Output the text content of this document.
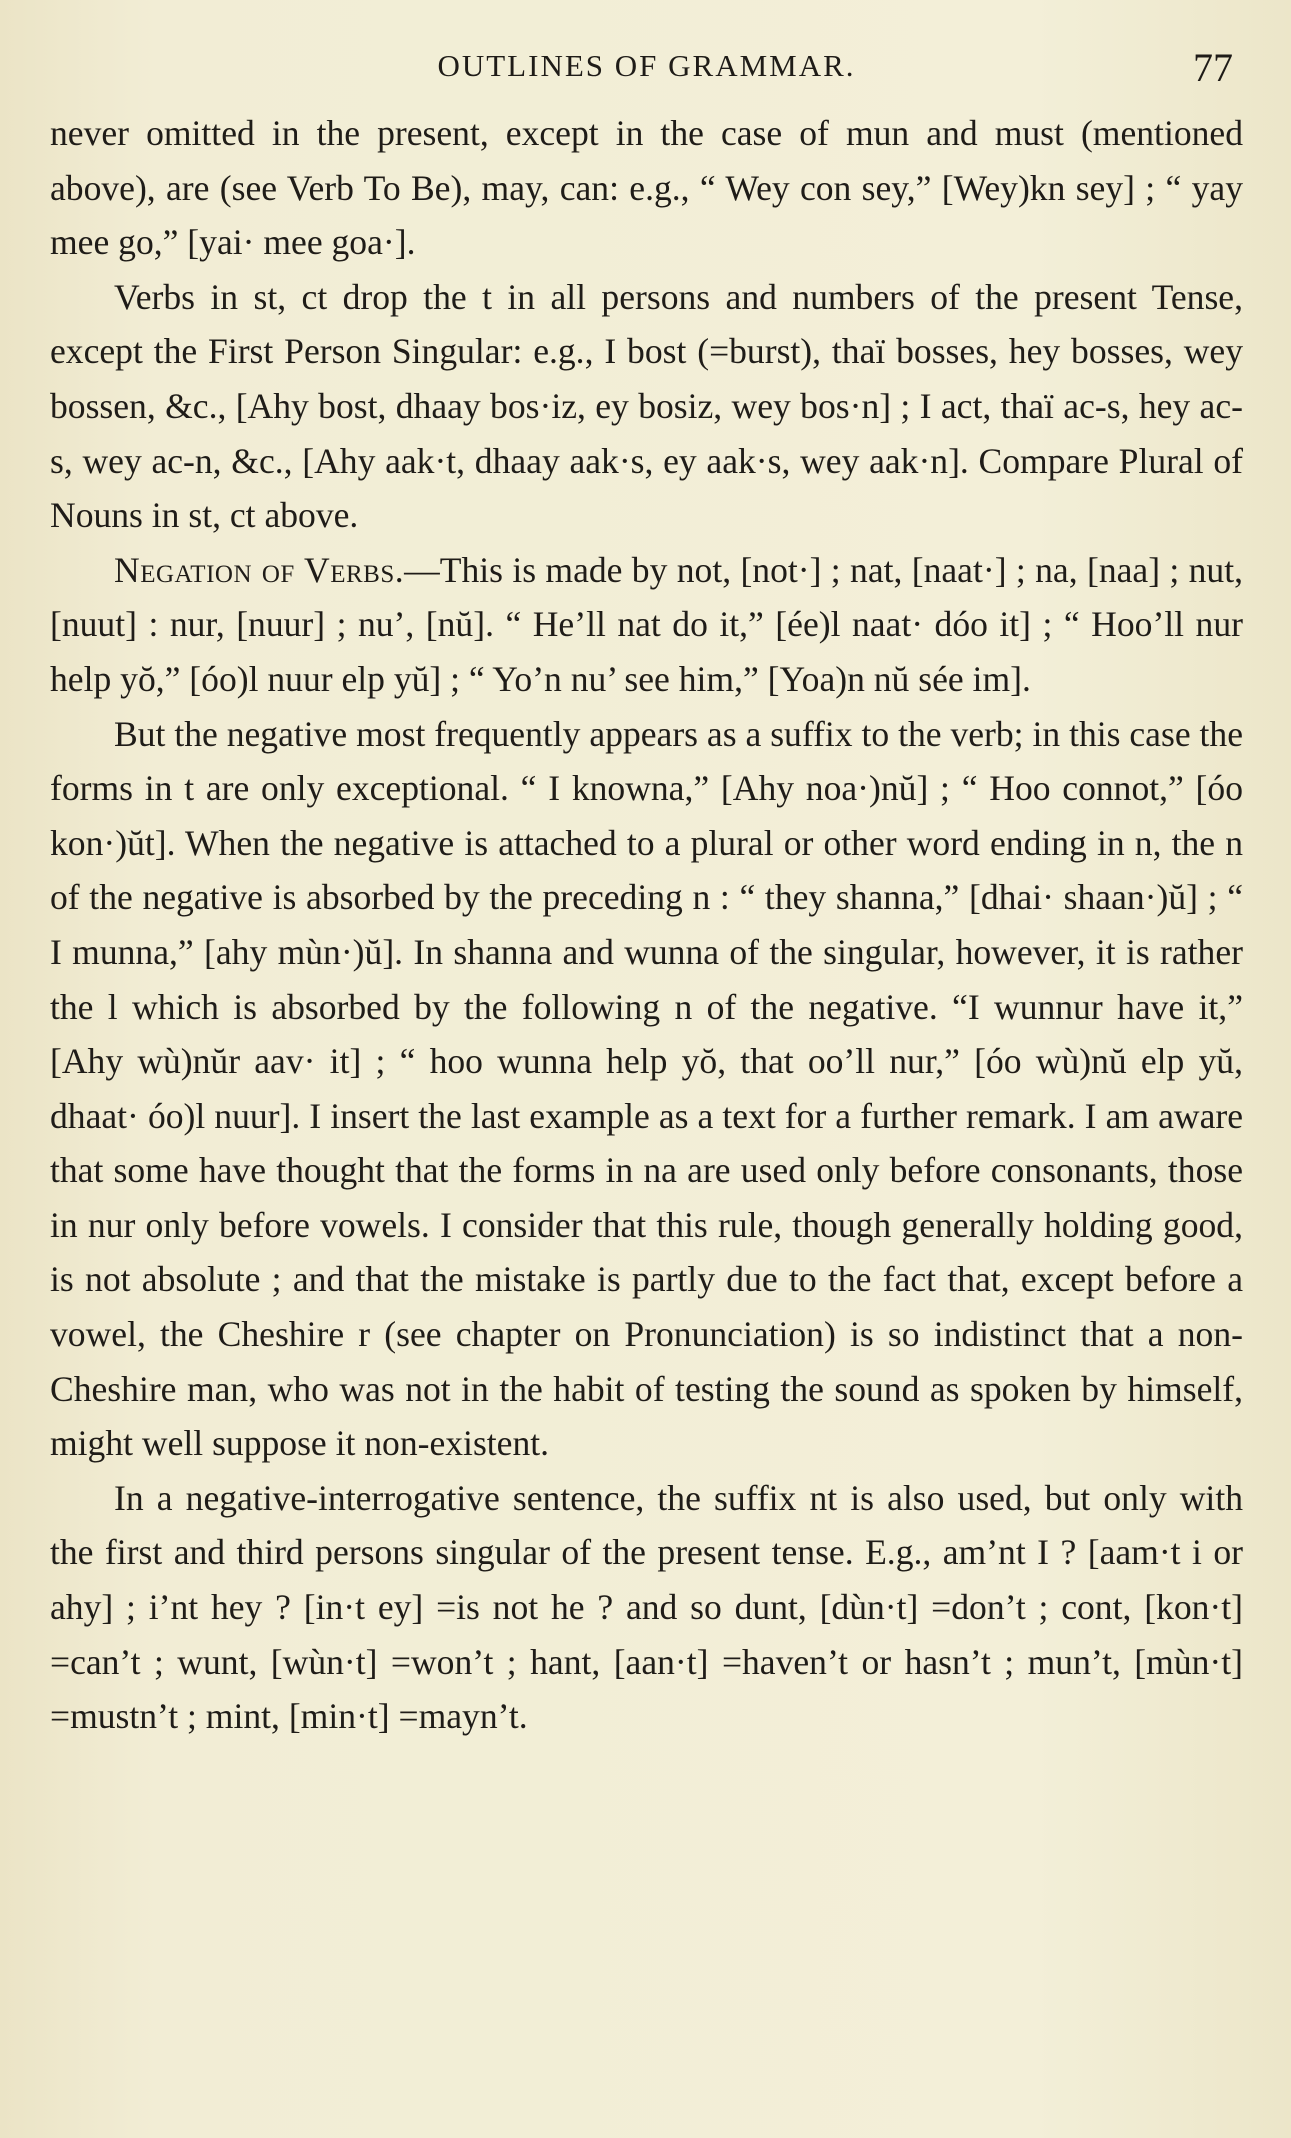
OUTLINES OF GRAMMAR.	77

never omitted in the present, except in the case of mun and must (mentioned above), are (see Verb To Be), may, can: e.g., “ Wey con sey,” [Wey)kn sey] ; “ yay mee go,” [yai· mee goa·].

Verbs in st, ct drop the t in all persons and numbers of the present Tense, except the First Person Singular: e.g., I bost (=burst), thaï bosses, hey bosses, wey bossen, &c., [Ahy bost, dhaay bos·iz, ey bosiz, wey bos·n] ; I act, thaï ac-s, hey ac-s, wey ac-n, &c., [Ahy aak·t, dhaay aak·s, ey aak·s, wey aak·n]. Compare Plural of Nouns in st, ct above.

Negation of Verbs.—This is made by not, [not·] ; nat, [naat·] ; na, [naa] ; nut, [nuut] : nur, [nuur] ; nu’, [nŭ]. “ He’ll nat do it,” [ée)l naat· dóo it] ; “ Hoo’ll nur help yŏ,” [óo)l nuur elp yŭ] ; “ Yo’n nu’ see him,” [Yoa)n nŭ sée im].

But the negative most frequently appears as a suffix to the verb; in this case the forms in t are only exceptional. “ I knowna,” [Ahy noa·)nŭ] ; “ Hoo connot,” [óo kon·)ŭt]. When the negative is attached to a plural or other word ending in n, the n of the negative is absorbed by the preceding n : “ they shanna,” [dhai· shaan·)ŭ] ; “ I munna,” [ahy mùn·)ŭ]. In shanna and wunna of the singular, however, it is rather the l which is absorbed by the following n of the negative. “I wunnur have it,” [Ahy wù)nŭr aav· it] ; “ hoo wunna help yŏ, that oo’ll nur,” [óo wù)nŭ elp yŭ, dhaat· óo)l nuur]. I insert the last example as a text for a further remark. I am aware that some have thought that the forms in na are used only before consonants, those in nur only before vowels. I consider that this rule, though generally holding good, is not absolute ; and that the mistake is partly due to the fact that, except before a vowel, the Cheshire r (see chapter on Pronunciation) is so indistinct that a non-Cheshire man, who was not in the habit of testing the sound as spoken by himself, might well suppose it non-existent.

In a negative-interrogative sentence, the suffix nt is also used, but only with the first and third persons singular of the present tense. E.g., am’nt I ? [aam·t i or ahy] ; i’nt hey ? [in·t ey] =is not he ? and so dunt, [dùn·t] =don’t ; cont, [kon·t] =can’t ; wunt, [wùn·t] =won’t ; hant, [aan·t] =haven’t or hasn’t ; mun’t, [mùn·t] =mustn’t ; mint, [min·t] =mayn’t.
